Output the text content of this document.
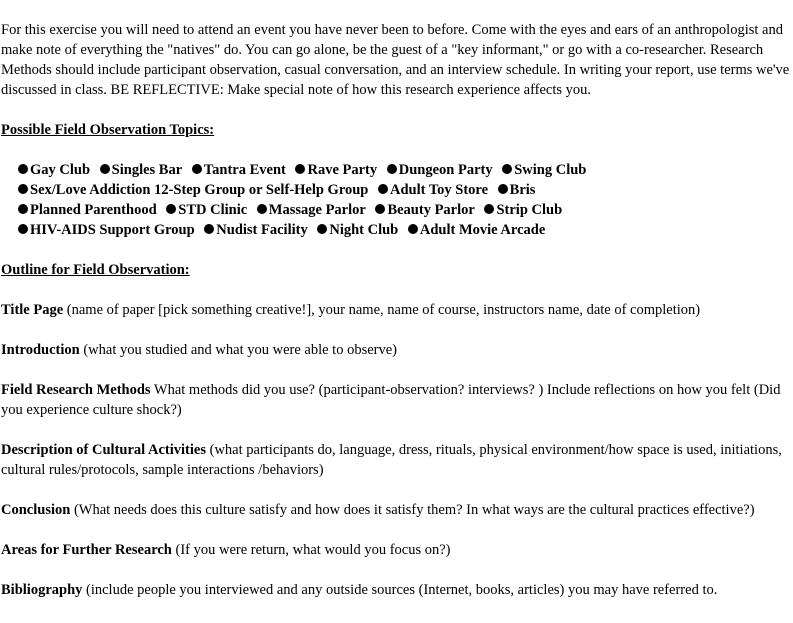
For this exercise you will need to attend an event you have never been to before. Come with the eyes and ears of an anthropologist and make note of everything the "natives" do. You can go alone, be the guest of a "key informant," or go with a co-researcher. Research Methods should include participant observation, casual conversation, and an interview schedule. In writing your report, use terms we've discussed in class. BE REFLECTIVE: Make special note of how this research experience affects you.

Possible Field Observation Topics:

Gay Club Singles Bar Tantra Event Rave Party Dungeon Party Swing Club
Sex/Love Addiction 12-Step Group or Self-Help Group Adult Toy Store Bris
Planned Parenthood STD Clinic Massage Parlor Beauty Parlor Strip Club
HIV-AIDS Support Group Nudist Facility Night Club Adult Movie Arcade

Outline for Field Observation:

Title Page (name of paper [pick something creative!], your name, name of course, instructors name, date of completion)

Introduction (what you studied and what you were able to observe)

Field Research Methods What methods did you use? (participant-observation? interviews? ) Include reflections on how you felt (Did you experience culture shock?)

Description of Cultural Activities (what participants do, language, dress, rituals, physical environment/how space is used, initiations, cultural rules/protocols, sample interactions /behaviors)

Conclusion (What needs does this culture satisfy and how does it satisfy them? In what ways are the cultural practices effective?)

Areas for Further Research (If you were return, what would you focus on?)

Bibliography (include people you interviewed and any outside sources (Internet, books, articles) you may have referred to.
